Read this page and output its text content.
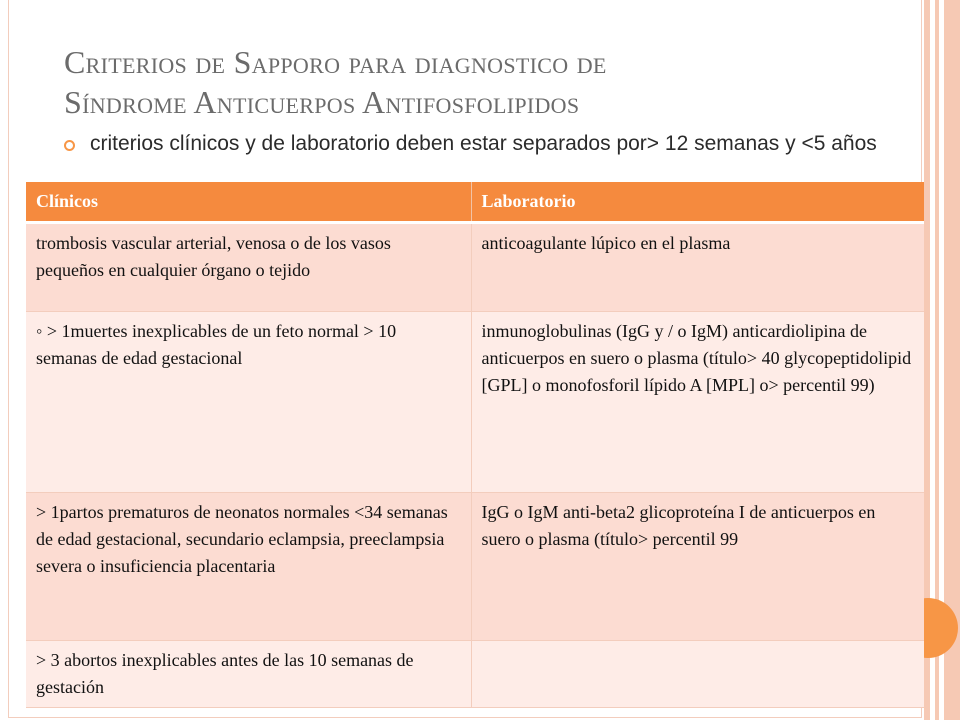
Criterios de Sapporo para diagnostico de
Síndrome Anticuerpos Antifosfolipidos
criterios clínicos y de laboratorio deben estar separados por> 12 semanas y <5 años
Clínicos	Laboratorio
trombosis vascular arterial, venosa o de los vasos pequeños en cualquier órgano o tejido	anticoagulante lúpico en el plasma
◦ > 1muertes inexplicables de un feto normal > 10 semanas de edad gestacional	inmunoglobulinas (IgG y / o IgM) anticardiolipina de anticuerpos en suero o plasma (título> 40 glycopeptidolipid [GPL] o monofosforil lípido A [MPL] o> percentil 99)
> 1partos prematuros de neonatos normales <34 semanas de edad gestacional, secundario eclampsia, preeclampsia severa o insuficiencia placentaria	IgG o IgM anti-beta2 glicoproteína I de anticuerpos en suero o plasma (título> percentil 99
> 3 abortos inexplicables antes de las 10 semanas de gestación	
